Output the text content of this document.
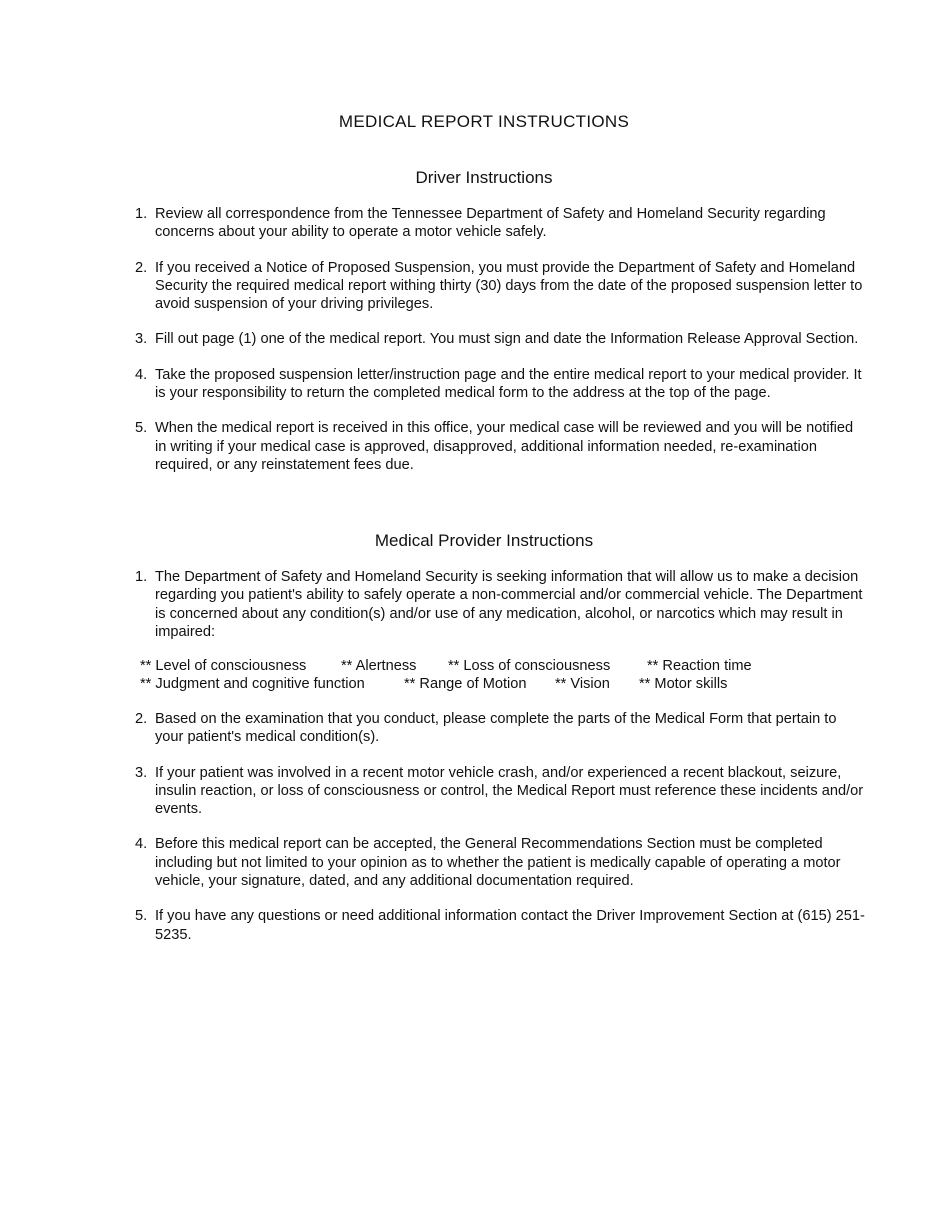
MEDICAL REPORT INSTRUCTIONS
Driver Instructions
1. Review all correspondence from the Tennessee Department of Safety and Homeland Security regarding concerns about your ability to operate a motor vehicle safely.
2. If you received a Notice of Proposed Suspension, you must provide the Department of Safety and Homeland Security the required medical report withing thirty (30) days from the date of the proposed suspension letter to avoid suspension of your driving privileges.
3. Fill out page (1) one of the medical report. You must sign and date the Information Release Approval Section.
4. Take the proposed suspension letter/instruction page and the entire medical report to your medical provider. It is your responsibility to return the completed medical form to the address at the top of the page.
5. When the medical report is received in this office, your medical case will be reviewed and you will be notified in writing if your medical case is approved, disapproved, additional information needed, re-examination required, or any reinstatement fees due.
Medical Provider Instructions
1. The Department of Safety and Homeland Security is seeking information that will allow us to make a decision regarding you patient's ability to safely operate a non-commercial and/or commercial vehicle. The Department is concerned about any condition(s) and/or use of any medication, alcohol, or narcotics which may result in impaired:
** Level of consciousness ** Alertness ** Loss of consciousness	** Reaction time
** Judgment and cognitive function	** Range of Motion ** Vision ** Motor skills
2. Based on the examination that you conduct, please complete the parts of the Medical Form that pertain to your patient's medical condition(s).
3. If your patient was involved in a recent motor vehicle crash, and/or experienced a recent blackout, seizure, insulin reaction, or loss of consciousness or control, the Medical Report must reference these incidents and/or events.
4. Before this medical report can be accepted, the General Recommendations Section must be completed including but not limited to your opinion as to whether the patient is medically capable of operating a motor vehicle, your signature, dated, and any additional documentation required.
5. If you have any questions or need additional information contact the Driver Improvement Section at (615) 251-5235.
